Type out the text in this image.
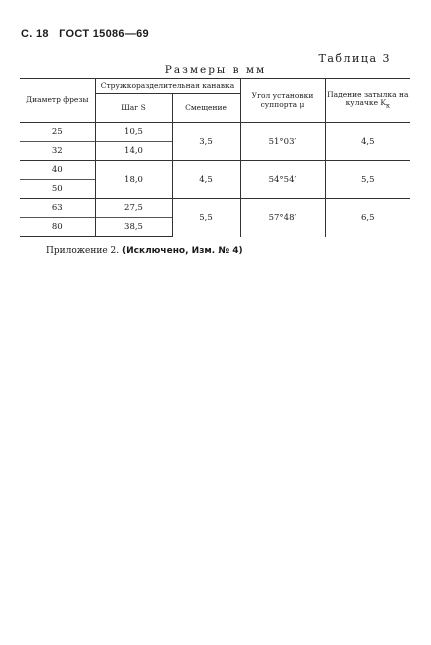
С. 18 ГОСТ 15086—69
Таблица 3
Размеры в мм
Диаметр фрезы	Стружкоразделительная канавка		Угол установки суппорта μ	Падение затылка на кулачке $K_к$
	Шаг S	Смещение		
25	10,5	3,5	51°03′	4,5
32	14,0			
40	18,0	4,5	54°54′	5,5
50				
63	27,5	5,5	57°48′	6,5
80	38,5			
Приложение 2. (Исключено, Изм. № 4)
